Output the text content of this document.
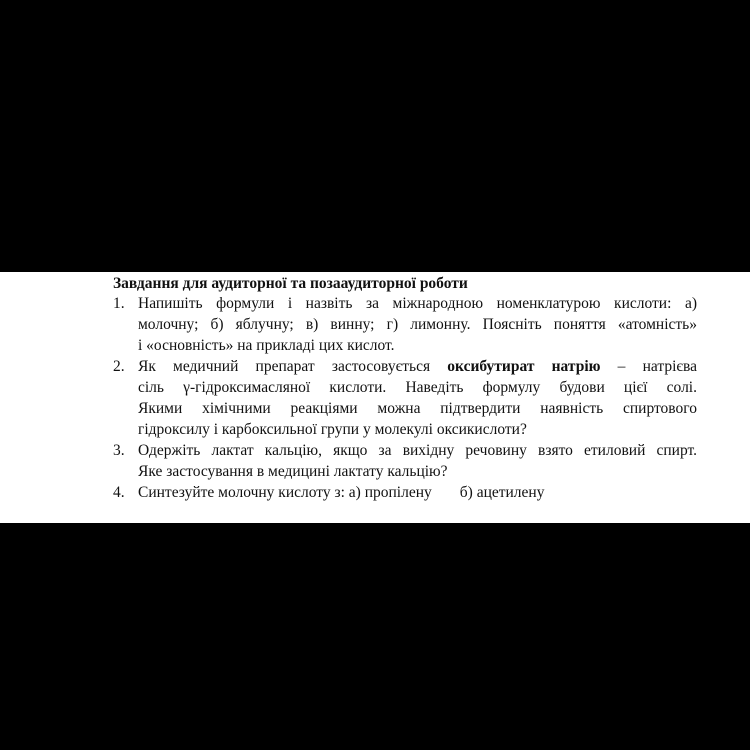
Завдання для аудиторної та позааудиторної роботи
1. Напишіть формули і назвіть за міжнародною номенклатурою кислоти: а)
молочну; б) яблучну; в) винну; г) лимонну. Поясніть поняття «атомність»
і «основність» на прикладі цих кислот.
2. Як медичний препарат застосовується оксибутират натрію – натрієва
сіль γ-гідроксимасляної кислоти. Наведіть формулу будови цієї солі.
Якими хімічними реакціями можна підтвердити наявність спиртового
гідроксилу і карбоксильної групи у молекулі оксикислоти?
3. Одержіть лактат кальцію, якщо за вихідну речовину взято етиловий спирт.
Яке застосування в медицині лактату кальцію?
4. Синтезуйте молочну кислоту з: а) пропілену б) ацетилену
